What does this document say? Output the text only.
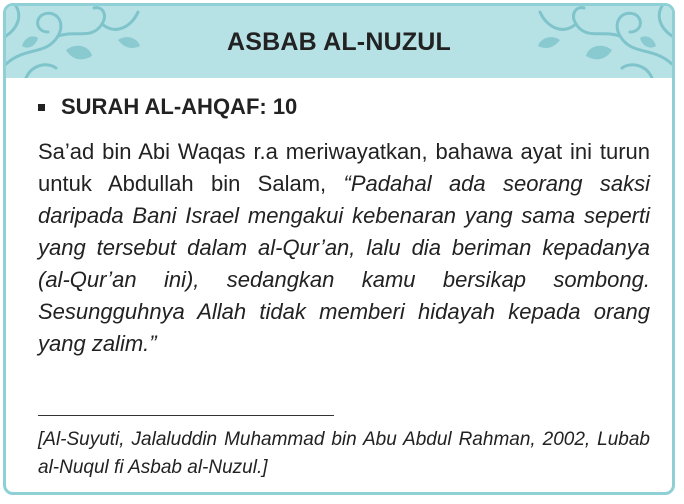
ASBAB AL-NUZUL
SURAH AL-AHQAF: 10
Sa’ad bin Abi Waqas r.a meriwayatkan, bahawa ayat ini turun untuk Abdullah bin Salam, “Padahal ada seorang saksi daripada Bani Israel mengakui kebenaran yang sama seperti yang tersebut dalam al-Qur’an, lalu dia beriman kepadanya (al-Qur’an ini), sedangkan kamu bersikap sombong. Sesungguhnya Allah tidak memberi hidayah kepada orang yang zalim.”
[Al-Suyuti, Jalaluddin Muhammad bin Abu Abdul Rahman, 2002, Lubab al-Nuqul fi Asbab al-Nuzul.]
